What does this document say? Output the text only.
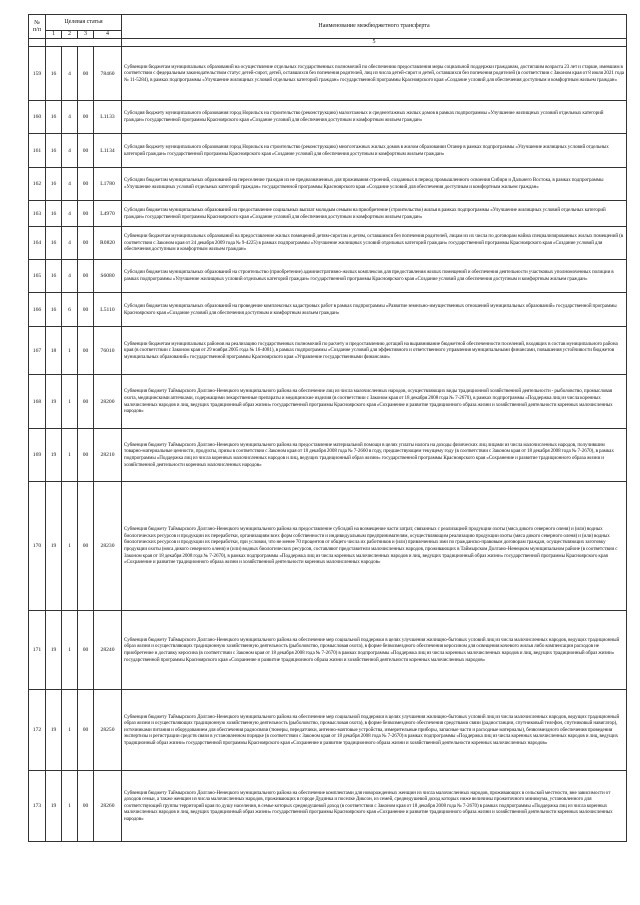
№
п/п	Целевая статья				Наименование межбюджетного трансферта
	1	2	3	4	
					5
159	16	4	00	78460	Субвенции бюджетам муниципальных образований на осуществление отдельных государственных полномочий по обеспечению предоставления меры социальной поддержки гражданам, достигшим возраста 23 лет и старше, имевшим в соответствии с федеральным законодательством статус детей-сирот, детей, оставшихся без попечения родителей, лиц из числа детей-сирот и детей, оставшихся без попечения родителей (в соответствии с Законом края от 8 июля 2021 года № 11-5284), в рамках подпрограммы «Улучшение жилищных условий отдельных категорий граждан» государственной программы Красноярского края «Создание условий для обеспечения доступным и комфортным жильем граждан»
160	16	4	00	L1133	Субсидия бюджету муниципального образования город Норильск на строительство (реконструкцию) малоэтажных и среднеэтажных жилых домов в рамках подпрограммы «Улучшение жилищных условий отдельных категорий граждан» государственной программы Красноярского края «Создание условий для обеспечения доступным и комфортным жильем граждан»
161	16	4	00	L1134	Субсидия бюджету муниципального образования город Норильск на строительство (реконструкцию) многоэтажных жилых домов в жилом образовании Оганер в рамках подпрограммы «Улучшение жилищных условий отдельных категорий граждан» государственной программы Красноярского края «Создание условий для обеспечения доступным и комфортным жильем граждан»
162	16	4	00	L1780	Субсидии бюджетам муниципальных образований на переселение граждан из не предназначенных для проживания строений, созданных в период промышленного освоения Сибири и Дальнего Востока, в рамках подпрограммы «Улучшение жилищных условий отдельных категорий граждан» государственной программы Красноярского края «Создание условий для обеспечения доступным и комфортным жильем граждан»
163	16	4	00	L4970	Субсидии бюджетам муниципальных образований на предоставление социальных выплат молодым семьям на приобретение (строительство) жилья в рамках подпрограммы «Улучшение жилищных условий отдельных категорий граждан» государственной программы Красноярского края «Создание условий для обеспечения доступным и комфортным жильем граждан»
164	16	4	00	R0820	Субвенции бюджетам муниципальных образований на предоставление жилых помещений детям-сиротам и детям, оставшимся без попечения родителей, лицам из их числа по договорам найма специализированных жилых помещений (в соответствии с Законом края от 24 декабря 2009 года № 9-4225) в рамках подпрограммы «Улучшение жилищных условий отдельных категорий граждан» государственной программы Красноярского края «Создание условий для обеспечения доступным и комфортным жильем граждан»
165	16	4	00	S6080	Субсидии бюджетам муниципальных образований на строительство (приобретение) административно-жилых комплексов для предоставления жилых помещений и обеспечения деятельности участковых уполномоченных полиции в рамках подпрограммы «Улучшение жилищных условий отдельных категорий граждан» государственной программы Красноярского края «Создание условий для обеспечения доступным и комфортным жильем граждан»
166	16	6	00	L5110	Субсидии бюджетам муниципальных образований на проведение комплексных кадастровых работ в рамках подпрограммы «Развитие земельно-имущественных отношений муниципальных образований» государственной программы Красноярского края «Создание условий для обеспечения доступным и комфортным жильем граждан»
167	18	1	00	76010	Субвенции бюджетам муниципальных районов на реализацию государственных полномочий по расчету и предоставлению дотаций на выравнивание бюджетной обеспеченности поселений, входящих в состав муниципального района края (в соответствии с Законом края от 29 ноября 2005 года № 16-4081), в рамках подпрограммы «Создание условий для эффективного и ответственного управления муниципальными финансами, повышения устойчивости бюджетов муниципальных образований» государственной программы Красноярского края «Управление государственными финансами»
168	19	1	00	28200	Субвенция бюджету Таймырского Долгано-Ненецкого муниципального района на обеспечение лиц из числа малочисленных народов, осуществляющих виды традиционной хозяйственной деятельности - рыболовство, промысловая охота, медицинскими аптечками, содержащими лекарственные препараты и медицинские изделия (в соответствии с Законом края от 18 декабря 2008 года № 7-2670), в рамках подпрограммы «Поддержка лиц из числа коренных малочисленных народов и лиц, ведущих традиционный образ жизни» государственной программы Красноярского края «Сохранение и развитие традиционного образа жизни и хозяйственной деятельности коренных малочисленных народов»
169	19	1	00	28210	Субвенция бюджету Таймырского Долгано-Ненецкого муниципального района на предоставление материальной помощи в целях уплаты налога на доходы физических лиц лицами из числа малочисленных народов, получившим товарно-материальные ценности, продукты, призы в соответствии с Законом края от 18 декабря 2008 года № 7-2660 в году, предшествующем текущему году (в соответствии с Законом края от 18 декабря 2008 года № 7-2670), в рамках подпрограммы «Поддержка лиц из числа коренных малочисленных народов и лиц, ведущих традиционный образ жизни» государственной программы Красноярского края «Сохранение и развитие традиционного образа жизни и хозяйственной деятельности коренных малочисленных народов»
170	19	1	00	28230	Субвенция бюджету Таймырского Долгано-Ненецкого муниципального района на предоставление субсидий на возмещение части затрат, связанных с реализацией продукции охоты (мяса дикого северного оленя) и (или) водных биологических ресурсов и продукции их переработки, организациям всех форм собственности и индивидуальным предпринимателям, осуществляющим реализацию продукции охоты (мяса дикого северного оленя) и (или) водных биологических ресурсов и продукции их переработки, при условии, что не менее 70 процентов от общего числа их работников и (или) привлеченных ими по гражданско-правовым договорам граждан, осуществляющих заготовку продукции охоты (мяса дикого северного оленя) и (или) водных биологических ресурсов, составляют представители малочисленных народов, проживающих в Таймырском Долгано-Ненецком муниципальном районе (в соответствии с Законом края от 18 декабря 2008 года № 7-2670), в рамках подпрограммы «Поддержка лиц из числа коренных малочисленных народов и лиц, ведущих традиционный образ жизни» государственной программы Красноярского края «Сохранение и развитие традиционного образа жизни и хозяйственной деятельности коренных малочисленных народов»
171	19	1	00	28240	Субвенция бюджету Таймырского Долгано-Ненецкого муниципального района на обеспечение мер социальной поддержки в целях улучшения жилищно-бытовых условий лиц из числа малочисленных народов, ведущих традиционный образ жизни и осуществляющих традиционную хозяйственную деятельность (рыболовство, промысловая охота), в форме безвозмездного обеспечения керосином для освещения кочевого жилья либо компенсации расходов не приобретение и доставку керосина (в соответствии с Законом края от 18 декабря 2008 года № 7-2670) в рамках подпрограммы «Поддержка лиц из числа коренных малочисленных народов и лиц, ведущих традиционный образ жизни» государственной программы Красноярского края «Сохранение и развитие традиционного образа жизни и хозяйственной деятельности коренных малочисленных народов»
172	19	1	00	28250	Субвенция бюджету Таймырского Долгано-Ненецкого муниципального района на обеспечение мер социальной поддержки в целях улучшения жилищно-бытовых условий лиц из числа малочисленных народов, ведущих традиционный образ жизни и осуществляющих традиционную хозяйственную деятельность (рыболовство, промысловая охота), в форме безвозмездного обеспечения средствами связи (радиостанции, спутниковый телефон, спутниковый навигатор), источниками питания и оборудованием для обеспечения радиосвязи (тюнеры, передатчики, антенно-мачтовые устройства, измерительные приборы, запасные части и расходные материалы), безвозмездного обеспечения проведения экспертизы и регистрации средств связи в установленном порядке (в соответствии с Законом края от 18 декабря 2008 года № 7-2670) в рамках подпрограммы «Поддержка лиц из числа коренных малочисленных народов и лиц, ведущих традиционный образ жизни» государственной программы Красноярского края «Сохранение и развитие традиционного образа жизни и хозяйственной деятельности коренных малочисленных народов»
173	19	1	00	28260	Субвенция бюджету Таймырского Долгано-Ненецкого муниципального района на обеспечение комплектами для новорожденных женщин из числа малочисленных народов, проживающих в сельской местности, вне зависимости от доходов семьи, а также женщин из числа малочисленных народов, проживающих в городе Дудинка и поселке Диксон, из семей, среднедушевой доход которых ниже величины прожиточного минимума, установленного для соответствующей группы территорий края по душу населения, в семье которых среднедушевой доход (в соответствии с Законом края от 18 декабря 2008 года № 7-2670) в рамках подпрограммы «Поддержка лиц из числа коренных малочисленных народов и лиц, ведущих традиционный образ жизни» государственной программы Красноярского края «Сохранение и развитие традиционного образа жизни и хозяйственной деятельности коренных малочисленных народов»
